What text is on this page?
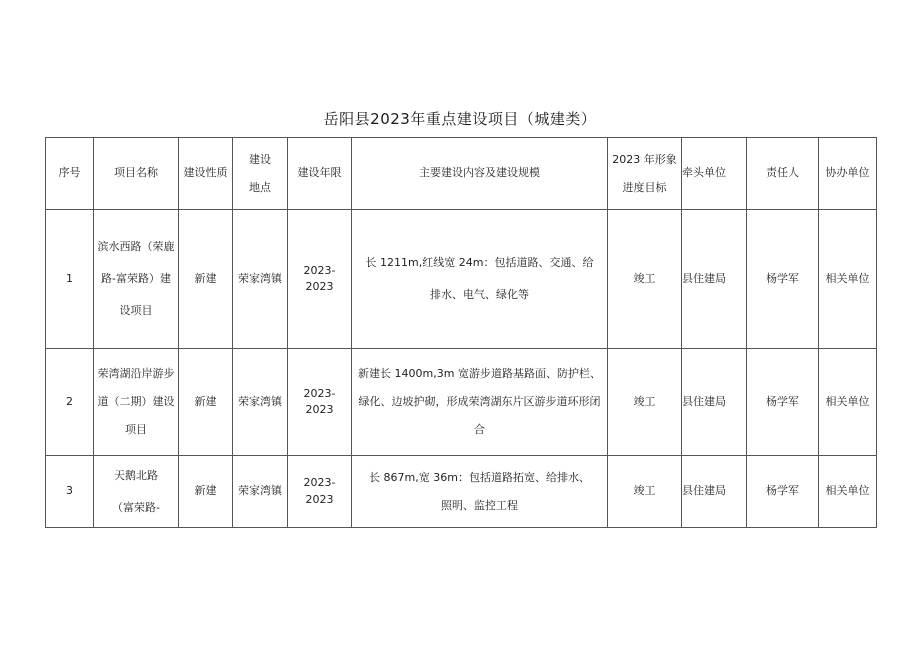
岳阳县2023年重点建设项目（城建类）
序号	项目名称	建设性质	建设地点	建设年限	主要建设内容及建设规模	2023 年形象进度目标	牵头单位	责任人	协办单位
1	滨水西路（荣鹿路-富荣路）建设项目	新建	荣家湾镇	2023-2023	长 1211m,红线宽 24m：包括道路、交通、给排水、电气、绿化等	竣工	县住建局	杨学军	相关单位
2	荣湾湖沿岸游步道（二期）建设项目	新建	荣家湾镇	2023-2023	新建长 1400m,3m 宽游步道路基路面、防护栏、绿化、边坡护砌，形成荣湾湖东片区游步道环形闭合	竣工	县住建局	杨学军	相关单位
3	天鹅北路（富荣路-	新建	荣家湾镇	2023-2023	长 867m,宽 36m：包括道路拓宽、给排水、照明、监控工程	竣工	县住建局	杨学军	相关单位
